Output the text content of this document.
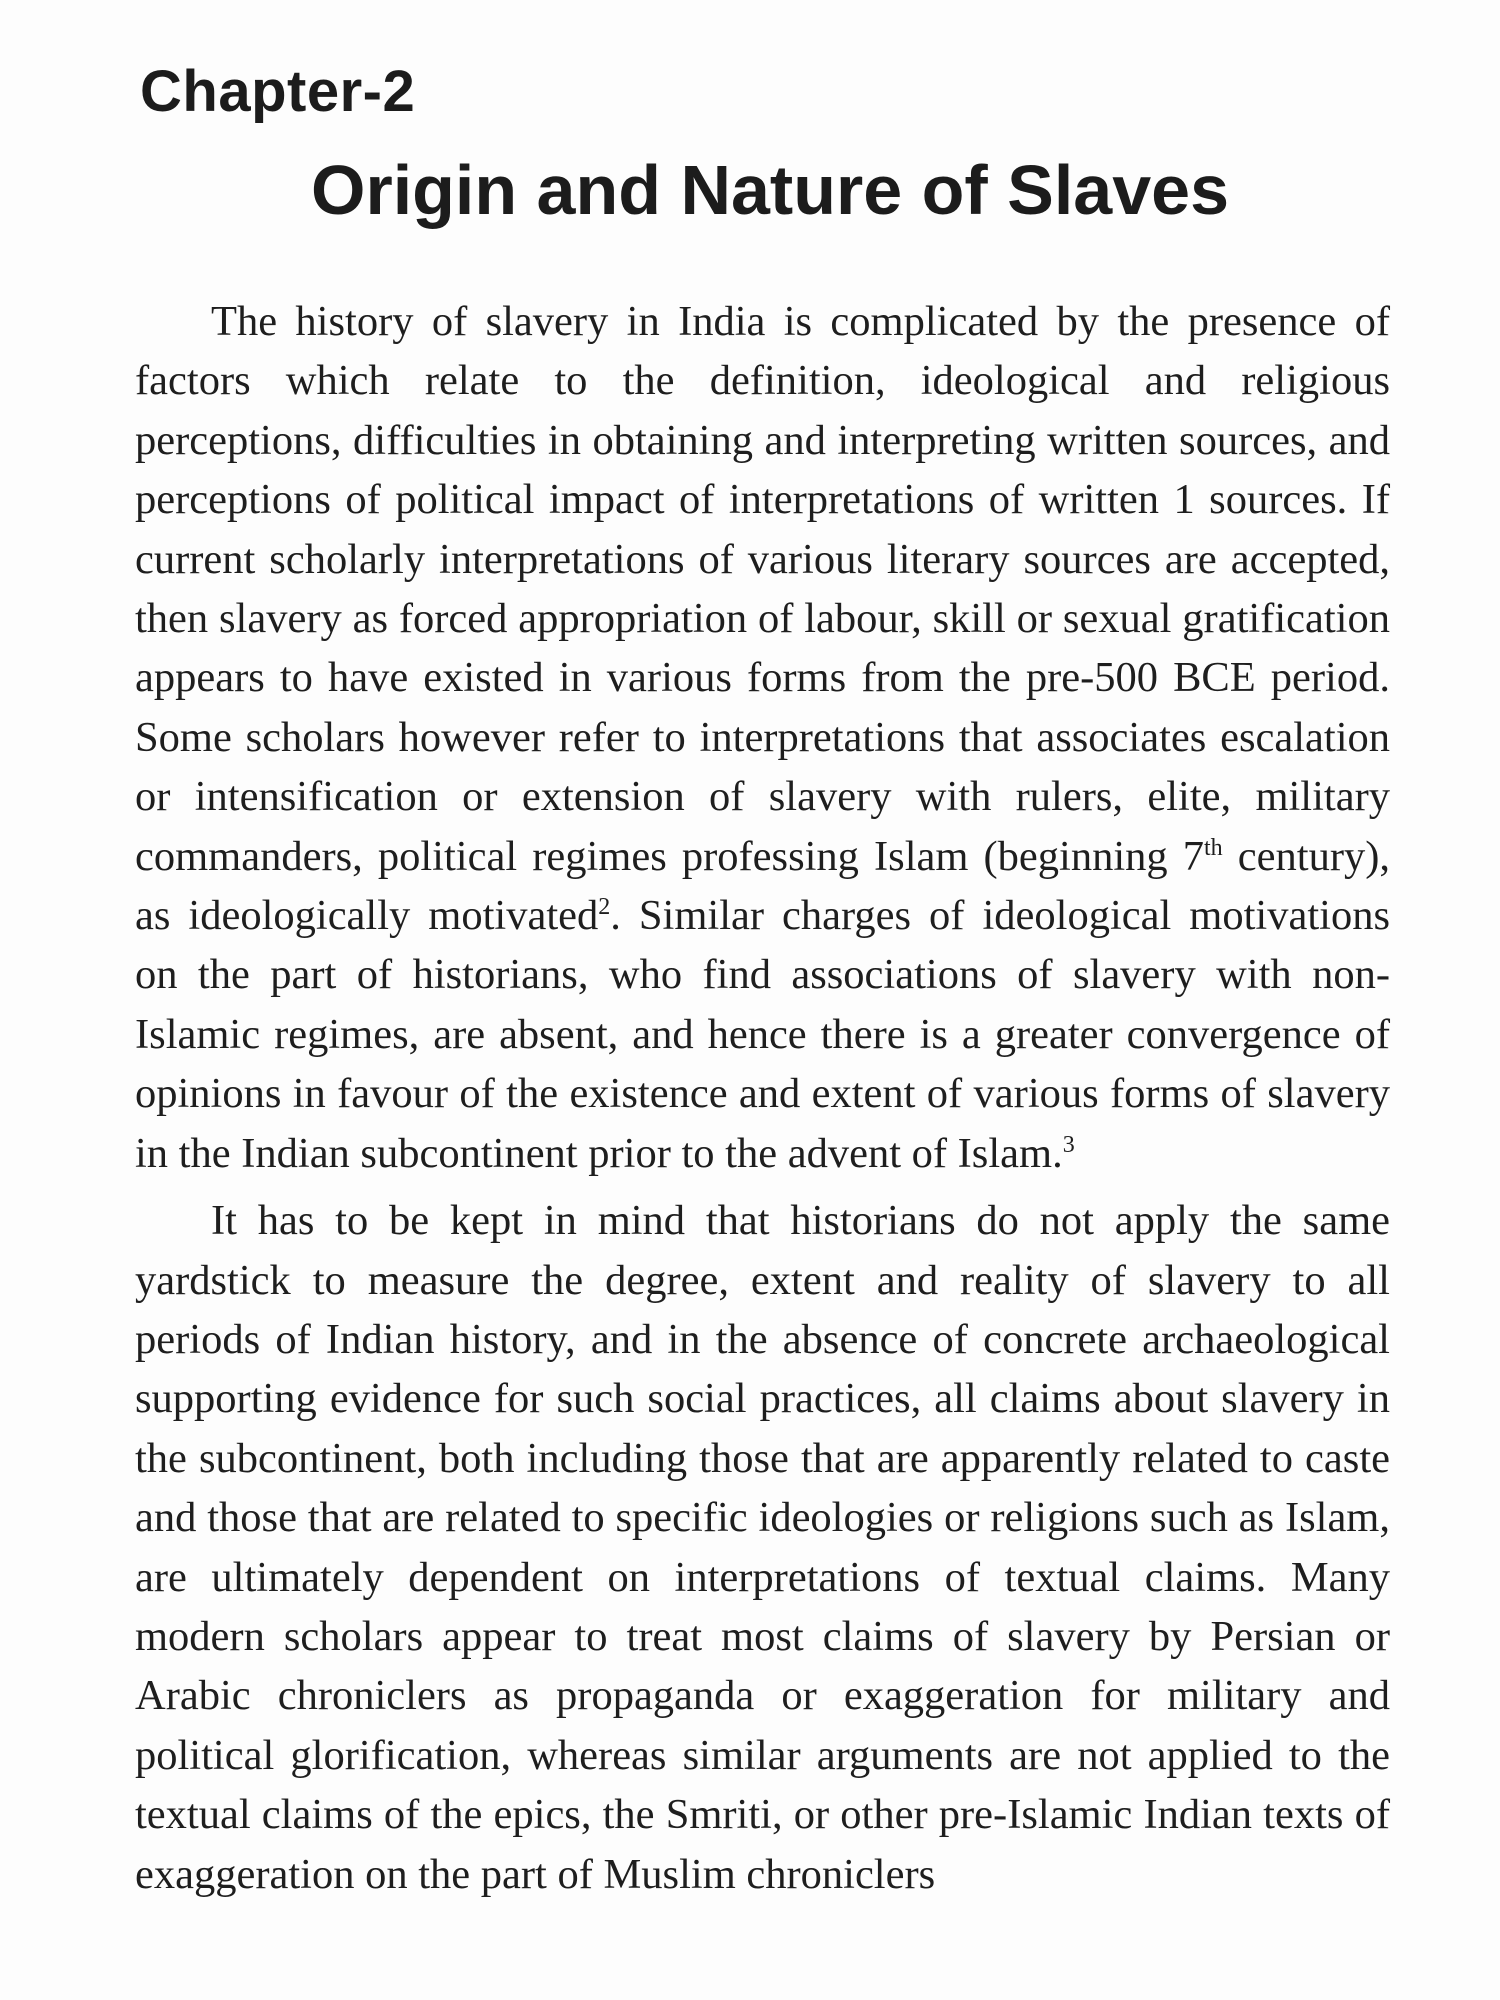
Chapter-2
Origin and Nature of Slaves

The history of slavery in India is complicated by the presence of factors which relate to the definition, ideological and religious perceptions, difficulties in obtaining and interpreting written sources, and perceptions of political impact of interpretations of written 1 sources. If current scholarly interpretations of various literary sources are accepted, then slavery as forced appropriation of labour, skill or sexual gratification appears to have existed in various forms from the pre-500 BCE period. Some scholars however refer to interpretations that associates escalation or intensification or extension of slavery with rulers, elite, military commanders, political regimes professing Islam (beginning 7th century), as ideologically motivated$^2$. Similar charges of ideological motivations on the part of historians, who find associations of slavery with non-Islamic regimes, are absent, and hence there is a greater convergence of opinions in favour of the existence and extent of various forms of slavery in the Indian subcontinent prior to the advent of Islam.$^3$

It has to be kept in mind that historians do not apply the same yardstick to measure the degree, extent and reality of slavery to all periods of Indian history, and in the absence of concrete archaeological supporting evidence for such social practices, all claims about slavery in the subcontinent, both including those that are apparently related to caste and those that are related to specific ideologies or religions such as Islam, are ultimately dependent on interpretations of textual claims. Many modern scholars appear to treat most claims of slavery by Persian or Arabic chroniclers as propaganda or exaggeration for military and political glorification, whereas similar arguments are not applied to the textual claims of the epics, the Smriti, or other pre-Islamic Indian texts of exaggeration on the part of Muslim chroniclers
